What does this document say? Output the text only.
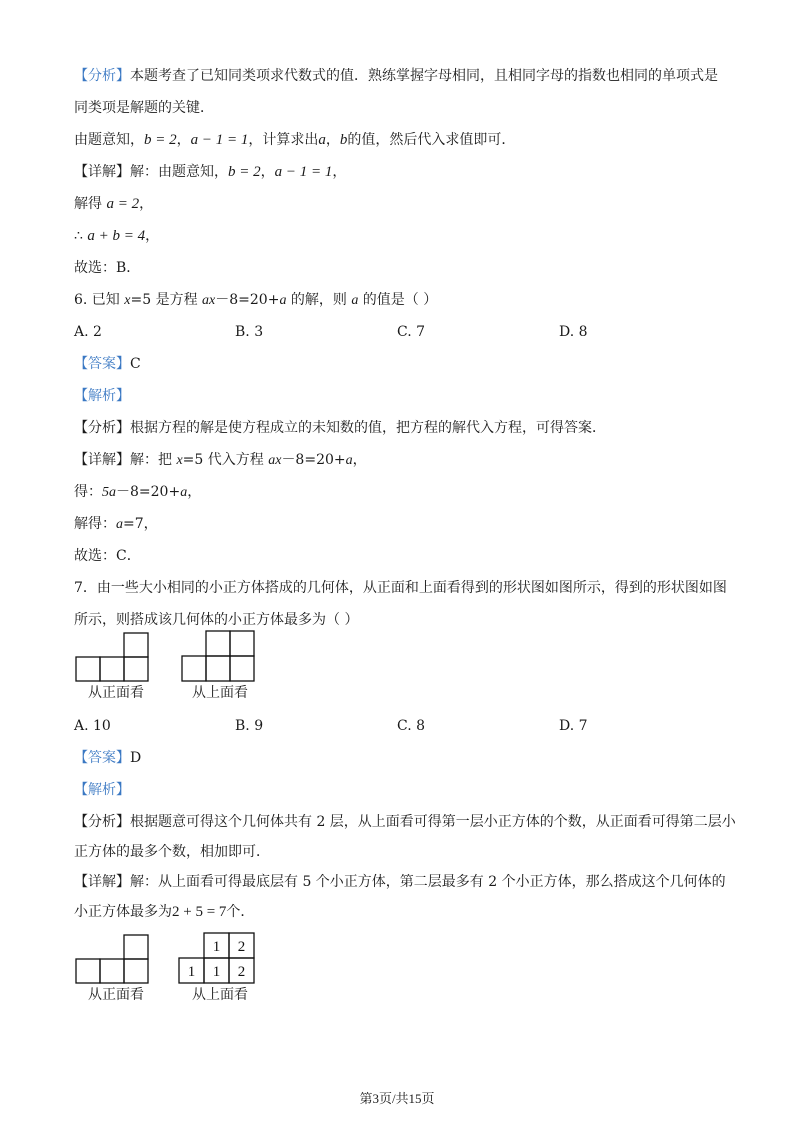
【分析】本题考查了已知同类项求代数式的值．熟练掌握字母相同，且相同字母的指数也相同的单项式是
同类项是解题的关键．
由题意知，b = 2，a − 1 = 1，计算求出a，b的值，然后代入求值即可．
【详解】解：由题意知，b = 2，a − 1 = 1，
解得 a = 2，
∴ a + b = 4，
故选：B．
6. 已知 x=5 是方程 ax－8=20+a 的解，则 a 的值是（ ）
A. 2	B. 3	C. 7	D. 8
【答案】C
【解析】
【分析】根据方程的解是使方程成立的未知数的值，把方程的解代入方程，可得答案．
【详解】解：把 x=5 代入方程 ax－8=20+a，
得：5a－8=20+a，
解得：a=7，
故选：C．
7．由一些大小相同的小正方体搭成的几何体，从正面和上面看得到的形状图如图所示，得到的形状图如图
所示，则搭成该几何体的小正方体最多为（ ）
从正面看	从上面看
A. 10	B. 9	C. 8	D. 7
【答案】D
【解析】
【分析】根据题意可得这个几何体共有 2 层，从上面看可得第一层小正方体的个数，从正面看可得第二层小
正方体的最多个数，相加即可．
【详解】解：从上面看可得最底层有 5 个小正方体，第二层最多有 2 个小正方体，那么搭成这个几何体的
小正方体最多为2 + 5 = 7个．
从正面看
1 2
1 1 2
从上面看
第3页/共15页
